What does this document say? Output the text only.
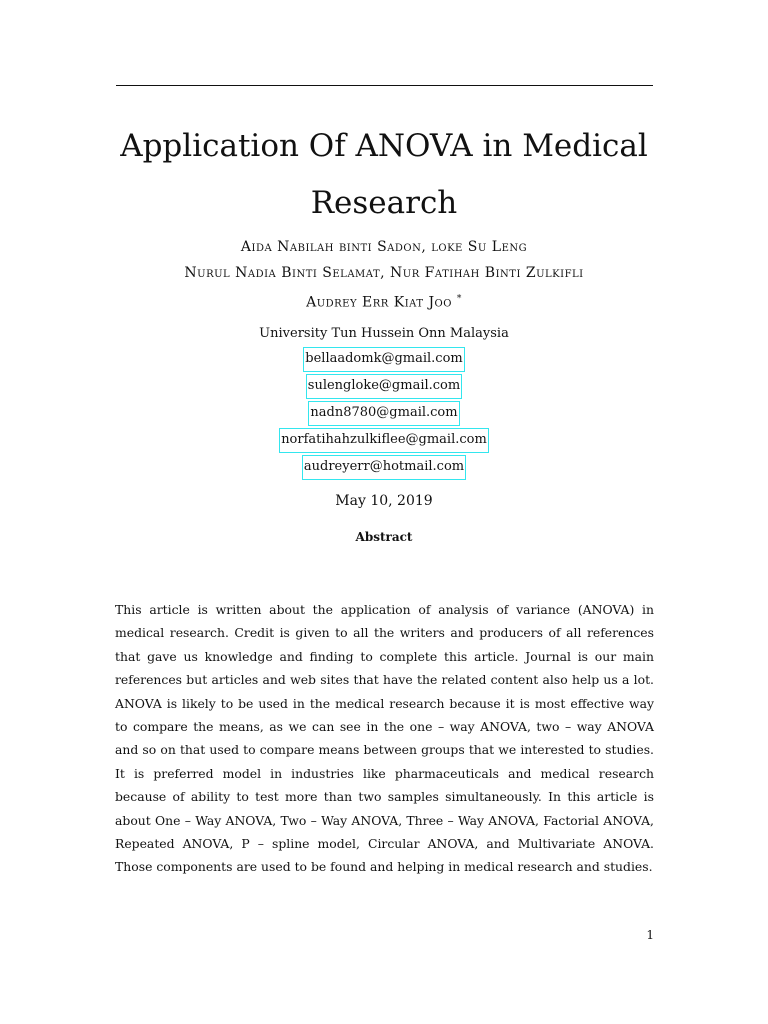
Application Of ANOVA in Medical Research
Aida Nabilah binti Sadon, loke Su Leng
Nurul Nadia Binti Selamat, Nur Fatihah Binti Zulkifli
Audrey Err Kiat Joo *
University Tun Hussein Onn Malaysia
bellaadomk@gmail.com
sulengloke@gmail.com
nadn8780@gmail.com
norfatihahzulkiflee@gmail.com
audreyerr@hotmail.com
May 10, 2019
Abstract

This article is written about the application of analysis of variance (ANOVA) in medical research. Credit is given to all the writers and producers of all references that gave us knowledge and finding to complete this article. Journal is our main references but articles and web sites that have the related content also help us a lot. ANOVA is likely to be used in the medical research because it is most effective way to compare the means, as we can see in the one – way ANOVA, two – way ANOVA and so on that used to compare means between groups that we interested to studies. It is preferred model in industries like pharmaceuticals and medical research because of ability to test more than two samples simultaneously. In this article is about One – Way ANOVA, Two – Way ANOVA, Three – Way ANOVA, Factorial ANOVA, Repeated ANOVA, P – spline model, Circular ANOVA, and Multivariate ANOVA. Those components are used to be found and helping in medical research and studies.

1
